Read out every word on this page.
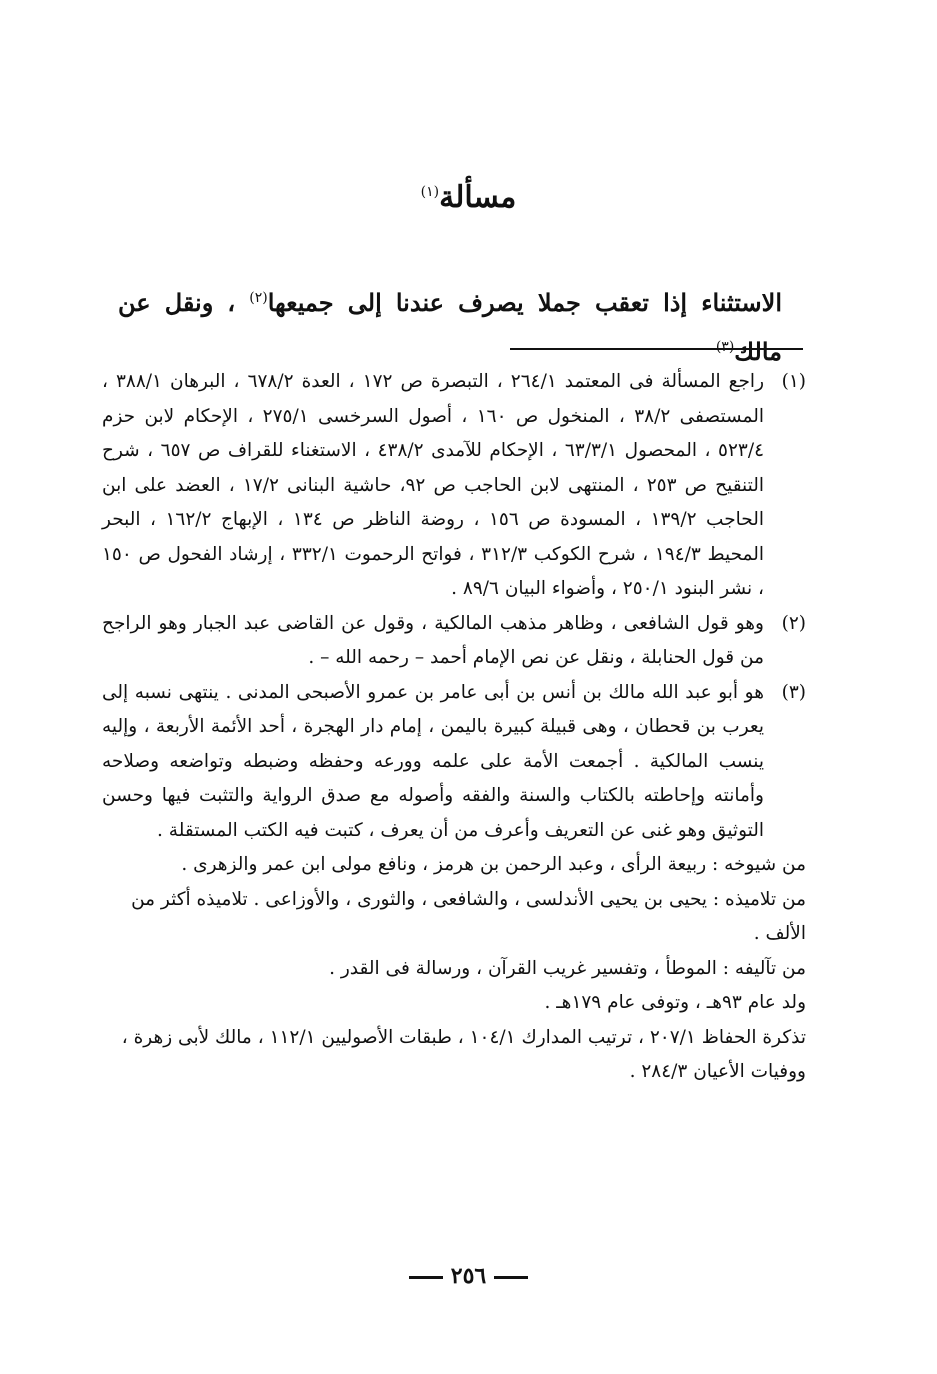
مسألة$^{(١)}$
الاستثناء إذا تعقب جملا يصرف عندنا إلى جميعها$^{(٢)}$ ، ونقل عن مالك$^{(٣)}$
(١)

راجع المسألة فى المعتمد ٢٦٤/١ ، التبصرة ص ١٧٢ ، العدة ٦٧٨/٢ ، البرهان ٣٨٨/١ ، المستصفى ٣٨/٢ ، المنخول ص ١٦٠ ، أصول السرخسى ٢٧٥/١ ، الإحكام لابن حزم ٥٢٣/٤ ، المحصول ٦٣/٣/١ ، الإحكام للآمدى ٤٣٨/٢ ، الاستغناء للقراف ص ٦٥٧ ، شرح التنقيح ص ٢٥٣ ، المنتهى لابن الحاجب ص ٩٢، حاشية البنانى ١٧/٢ ، العضد على ابن الحاجب ١٣٩/٢ ، المسودة ص ١٥٦ ، روضة الناظر ص ١٣٤ ، الإبهاج ١٦٢/٢ ، البحر المحيط ١٩٤/٣ ، شرح الكوكب ٣١٢/٣ ، فواتح الرحموت ٣٣٢/١ ، إرشاد الفحول ص ١٥٠ ، نشر البنود ٢٥٠/١ ، وأضواء البيان ٨٩/٦ .

(٢)

وهو قول الشافعى ، وظاهر مذهب المالكية ، وقول عن القاضى عبد الجبار وهو الراجح من قول الحنابلة ، ونقل عن نص الإمام أحمد – رحمه الله – .

(٣)

هو أبو عبد الله مالك بن أنس بن أبى عامر بن عمرو الأصبحى المدنى . ينتهى نسبه إلى يعرب بن قحطان ، وهى قبيلة كبيرة باليمن ، إمام دار الهجرة ، أحد الأئمة الأربعة ، وإليه ينسب المالكية . أجمعت الأمة على علمه وورعه وحفظه وضبطه وتواضعه وصلاحه وأمانته وإحاطته بالكتاب والسنة والفقه وأصوله مع صدق الرواية والتثبت فيها وحسن التوثيق وهو غنى عن التعريف وأعرف من أن يعرف ، كتبت فيه الكتب المستقلة .

من شيوخه : ربيعة الرأى ، وعبد الرحمن بن هرمز ، ونافع مولى ابن عمر والزهرى .

من تلاميذه : يحيى بن يحيى الأندلسى ، والشافعى ، والثورى ، والأوزاعى . تلاميذه أكثر من الألف .

من تآليفه : الموطأ ، وتفسير غريب القرآن ، ورسالة فى القدر .

ولد عام ٩٣هـ ، وتوفى عام ١٧٩هـ .

تذكرة الحفاظ ٢٠٧/١ ، ترتيب المدارك ١٠٤/١ ، طبقات الأصوليين ١١٢/١ ، مالك لأبى زهرة ، ووفيات الأعيان ٢٨٤/٣ .

٢٥٦
